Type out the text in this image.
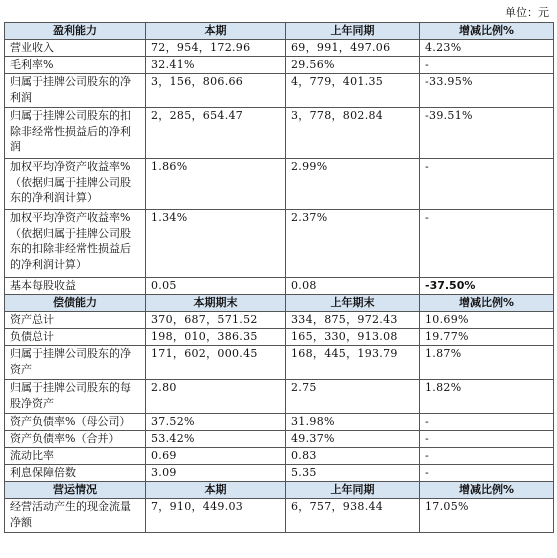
单位：元
盈利能力	本期	上年同期	增减比例%
营业收入	72，954，172.96	69，991，497.06	4.23%
毛利率%	32.41%	29.56%	-
归属于挂牌公司股东的净利润	3，156，806.66	4，779，401.35	-33.95%
归属于挂牌公司股东的扣除非经常性损益后的净利润	2，285，654.47	3，778，802.84	-39.51%
加权平均净资产收益率%（依据归属于挂牌公司股东的净利润计算）	1.86%	2.99%	-
加权平均净资产收益率%（依据归属于挂牌公司股东的扣除非经常性损益后的净利润计算）	1.34%	2.37%	-
基本每股收益	0.05	0.08	-37.50%
偿债能力	本期期末	上年期末	增减比例%
资产总计	370，687，571.52	334，875，972.43	10.69%
负债总计	198，010，386.35	165，330，913.08	19.77%
归属于挂牌公司股东的净资产	171，602，000.45	168，445，193.79	1.87%
归属于挂牌公司股东的每股净资产	2.80	2.75	1.82%
资产负债率%（母公司）	37.52%	31.98%	-
资产负债率%（合并）	53.42%	49.37%	-
流动比率	0.69	0.83	-
利息保障倍数	3.09	5.35	-
营运情况	本期	上年同期	增减比例%
经营活动产生的现金流量净额	7，910，449.03	6，757，938.44	17.05%
